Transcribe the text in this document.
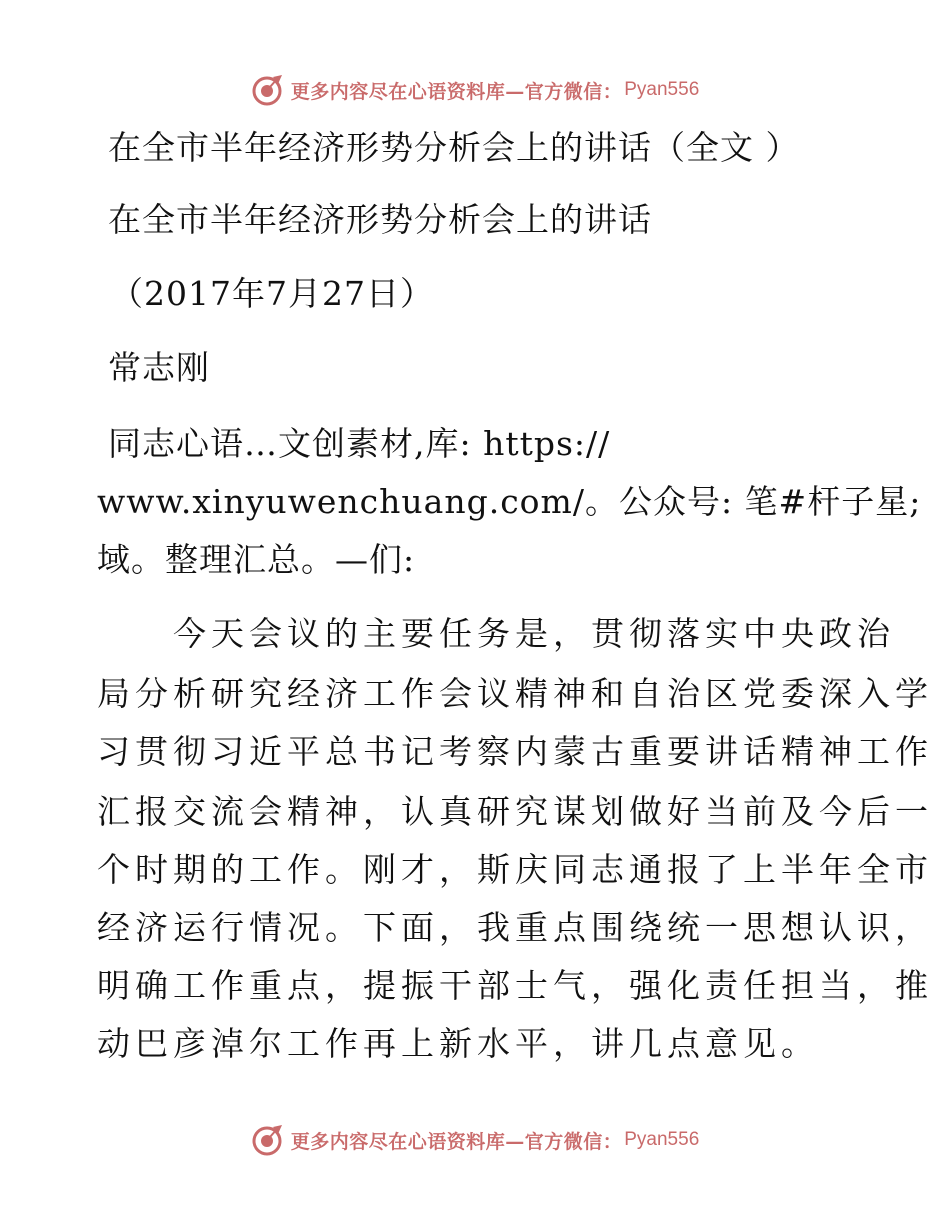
更多内容尽在心语资料库—官方微信： Pyan556
在全市半年经济形势分析会上的讲话（全文 ）
在全市半年经济形势分析会上的讲话
（2017年7月27日）
常志刚
同志心语…文创素材,库: https://
www.xinyuwenchuang.com/。公众号: 笔#杆子星;
域。整理汇总。—们:
　　今天会议的主要任务是，贯彻落实中央政治
局分析研究经济工作会议精神和自治区党委深入学
习贯彻习近平总书记考察内蒙古重要讲话精神工作
汇报交流会精神，认真研究谋划做好当前及今后一
个时期的工作。刚才，斯庆同志通报了上半年全市
经济运行情况。下面，我重点围绕统一思想认识，
明确工作重点，提振干部士气，强化责任担当，推
动巴彦淖尔工作再上新水平，讲几点意见。
更多内容尽在心语资料库—官方微信： Pyan556
